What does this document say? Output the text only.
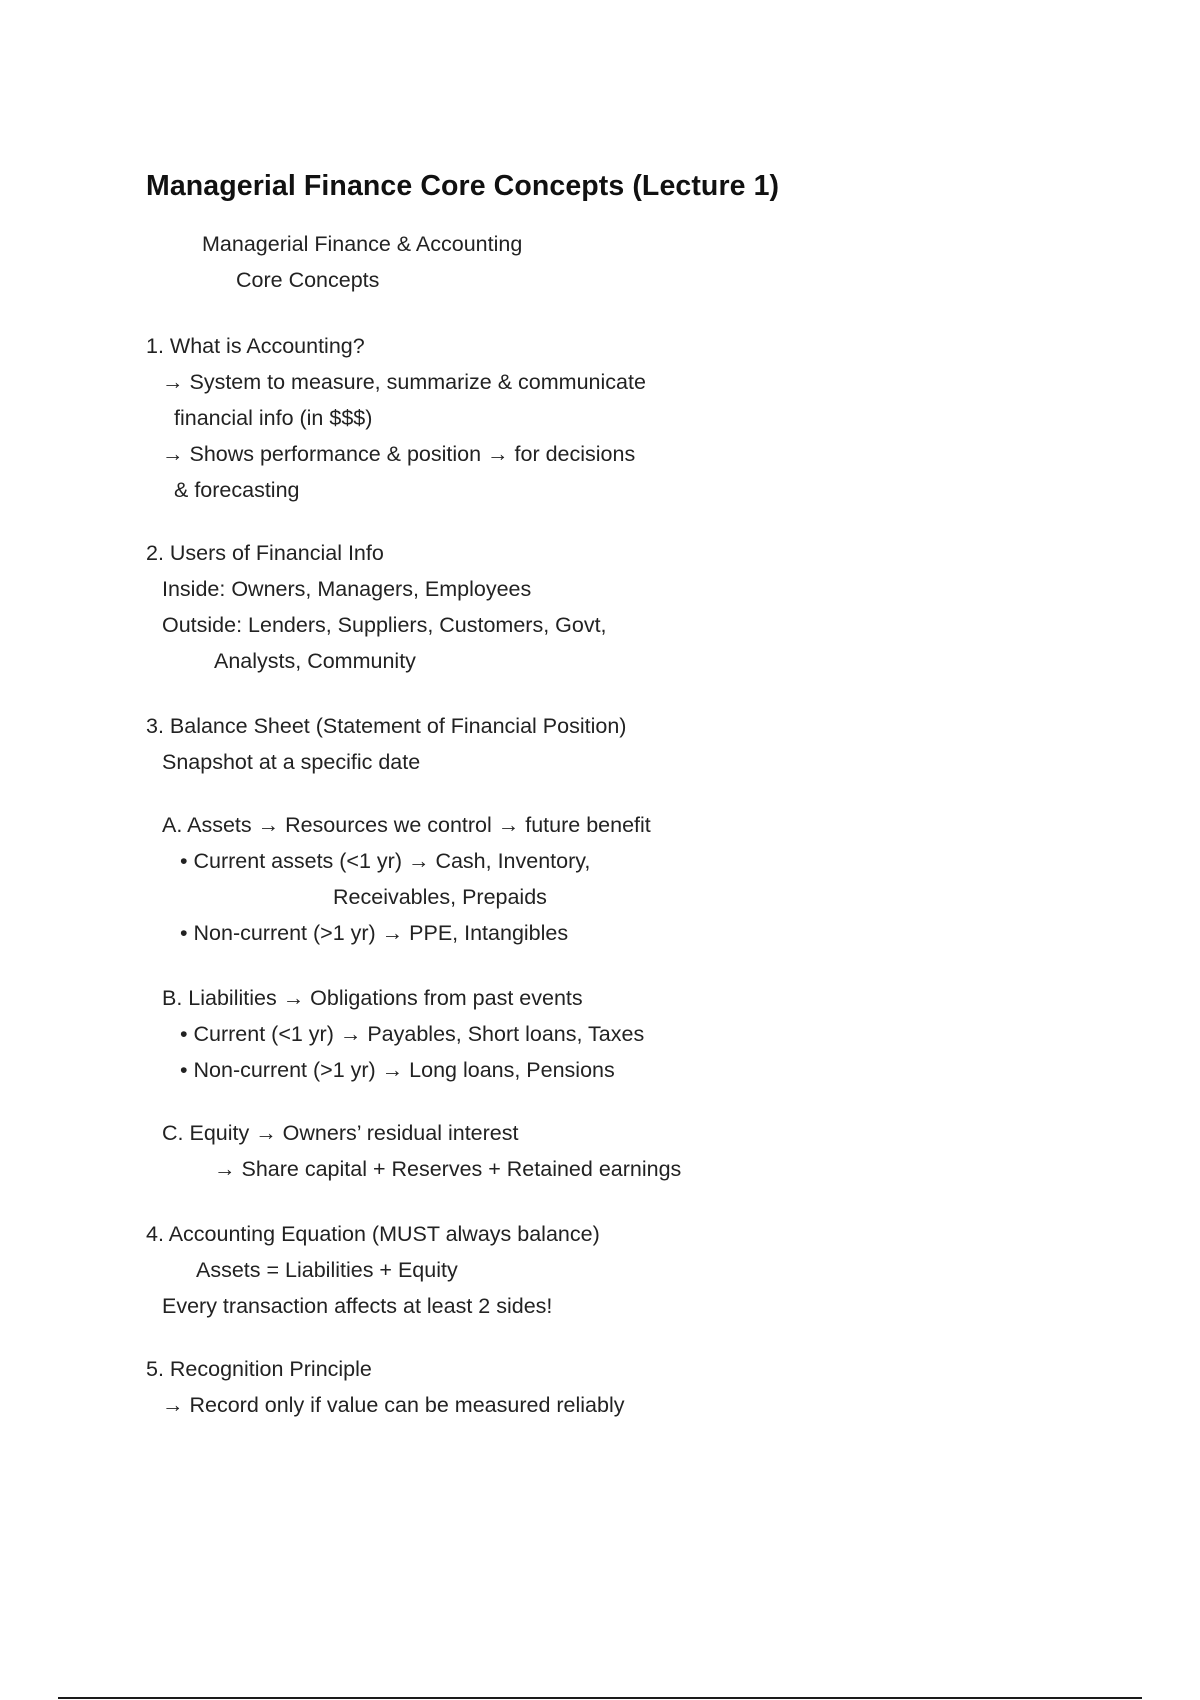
Managerial Finance Core Concepts (Lecture 1)
Managerial Finance & Accounting
Core Concepts
1. What is Accounting?
→ System to measure, summarize & communicate
financial info (in $$$)
→ Shows performance & position → for decisions
& forecasting
2. Users of Financial Info
Inside: Owners, Managers, Employees
Outside: Lenders, Suppliers, Customers, Govt,
Analysts, Community
3. Balance Sheet (Statement of Financial Position)
Snapshot at a specific date
A. Assets → Resources we control → future benefit
• Current assets (<1 yr) → Cash, Inventory,
Receivables, Prepaids
• Non-current (>1 yr) → PPE, Intangibles
B. Liabilities → Obligations from past events
• Current (<1 yr) → Payables, Short loans, Taxes
• Non-current (>1 yr) → Long loans, Pensions
C. Equity → Owners’ residual interest
→ Share capital + Reserves + Retained earnings
4. Accounting Equation (MUST always balance)
Assets = Liabilities + Equity
Every transaction affects at least 2 sides!
5. Recognition Principle
→ Record only if value can be measured reliably
